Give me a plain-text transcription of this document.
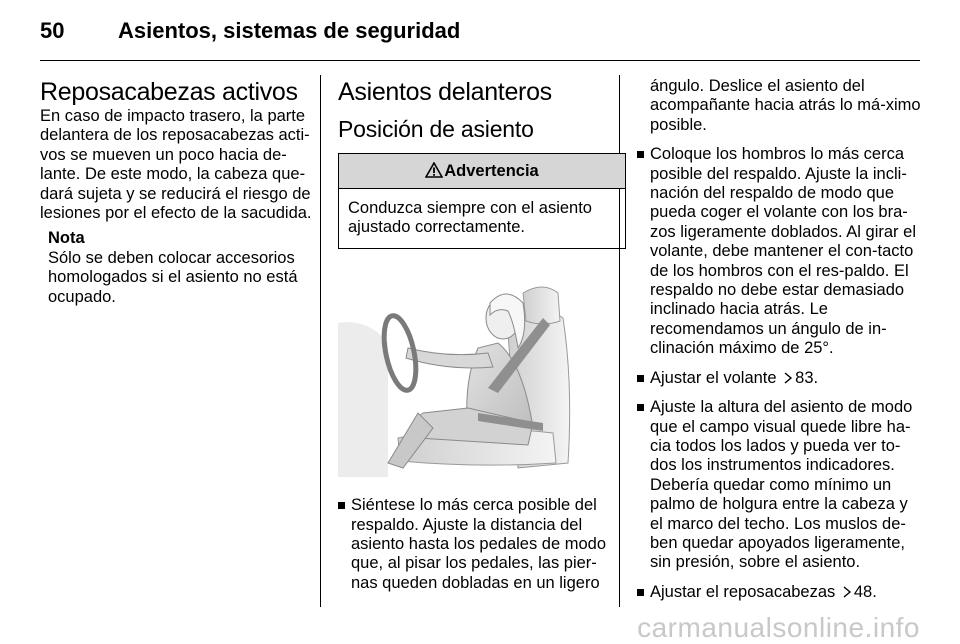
50 Asientos, sistemas de seguridad
Reposacabezas activos

En caso de impacto trasero, la parte delantera de los reposacabezas acti-vos se mueven un poco hacia de-lante. De este modo, la cabeza que-dará sujeta y se reducirá el riesgo de lesiones por el efecto de la sacudida.

Nota
Sólo se deben colocar accesorios homologados si el asiento no está ocupado.
Asientos delanteros
Posición de asiento
Advertencia
Conduzca siempre con el asiento ajustado correctamente.
Siéntese lo más cerca posible del respaldo. Ajuste la distancia del asiento hasta los pedales de modo que, al pisar los pedales, las pier-nas queden dobladas en un ligero

ángulo. Deslice el asiento del acompañante hacia atrás lo má-ximo posible.

Coloque los hombros lo más cerca posible del respaldo. Ajuste la incli-nación del respaldo de modo que pueda coger el volante con los bra-zos ligeramente doblados. Al girar el volante, debe mantener el con-tacto de los hombros con el res-paldo. El respaldo no debe estar demasiado inclinado hacia atrás. Le recomendamos un ángulo de in-clinación máximo de 25°.
Ajustar el volante 83.
Ajuste la altura del asiento de modo que el campo visual quede libre ha-cia todos los lados y pueda ver to-dos los instrumentos indicadores. Debería quedar como mínimo un palmo de holgura entre la cabeza y el marco del techo. Los muslos de-ben quedar apoyados ligeramente, sin presión, sobre el asiento.
Ajustar el reposacabezas 48.
carmanualsonline.info
